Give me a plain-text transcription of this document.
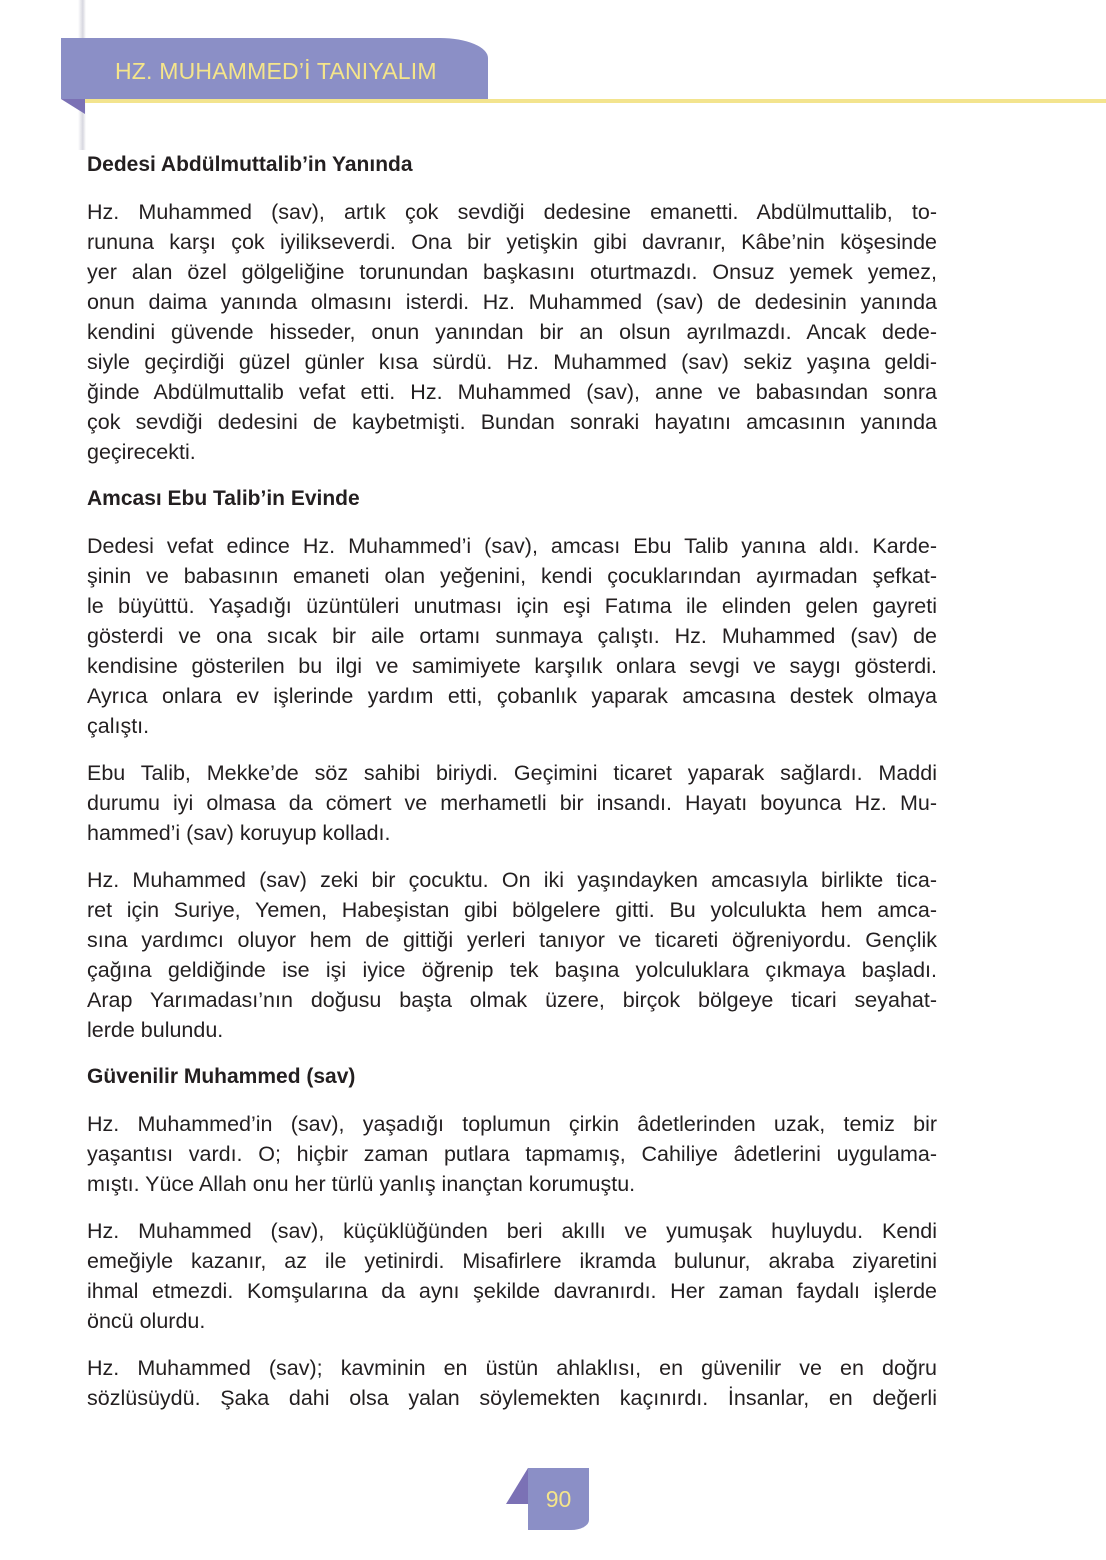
HZ. MUHAMMED’İ TANIYALIM
Dedesi Abdülmuttalib’in Yanında
Hz. Muhammed (sav), artık çok sevdiği dedesine emanetti. Abdülmuttalib, to-
rununa karşı çok iyilikseverdi. Ona bir yetişkin gibi davranır, Kâbe’nin köşesinde
yer alan özel gölgeliğine torunundan başkasını oturtmazdı. Onsuz yemek yemez,
onun daima yanında olmasını isterdi. Hz. Muhammed (sav) de dedesinin yanında
kendini güvende hisseder, onun yanından bir an olsun ayrılmazdı. Ancak dede-
siyle geçirdiği güzel günler kısa sürdü. Hz. Muhammed (sav) sekiz yaşına geldi-
ğinde Abdülmuttalib vefat etti. Hz. Muhammed (sav), anne ve babasından sonra
çok sevdiği dedesini de kaybetmişti. Bundan sonraki hayatını amcasının yanında
geçirecekti.
Amcası Ebu Talib’in Evinde
Dedesi vefat edince Hz. Muhammed’i (sav), amcası Ebu Talib yanına aldı. Karde-
şinin ve babasının emaneti olan yeğenini, kendi çocuklarından ayırmadan şefkat-
le büyüttü. Yaşadığı üzüntüleri unutması için eşi Fatıma ile elinden gelen gayreti
gösterdi ve ona sıcak bir aile ortamı sunmaya çalıştı. Hz. Muhammed (sav) de
kendisine gösterilen bu ilgi ve samimiyete karşılık onlara sevgi ve saygı gösterdi.
Ayrıca onlara ev işlerinde yardım etti, çobanlık yaparak amcasına destek olmaya
çalıştı.
Ebu Talib, Mekke’de söz sahibi biriydi. Geçimini ticaret yaparak sağlardı. Maddi
durumu iyi olmasa da cömert ve merhametli bir insandı. Hayatı boyunca Hz. Mu-
hammed’i (sav) koruyup kolladı.
Hz. Muhammed (sav) zeki bir çocuktu. On iki yaşındayken amcasıyla birlikte tica-
ret için Suriye, Yemen, Habeşistan gibi bölgelere gitti. Bu yolculukta hem amca-
sına yardımcı oluyor hem de gittiği yerleri tanıyor ve ticareti öğreniyordu. Gençlik
çağına geldiğinde ise işi iyice öğrenip tek başına yolculuklara çıkmaya başladı.
Arap Yarımadası’nın doğusu başta olmak üzere, birçok bölgeye ticari seyahat-
lerde bulundu.
Güvenilir Muhammed (sav)
Hz. Muhammed’in (sav), yaşadığı toplumun çirkin âdetlerinden uzak, temiz bir
yaşantısı vardı. O; hiçbir zaman putlara tapmamış, Cahiliye âdetlerini uygulama-
mıştı. Yüce Allah onu her türlü yanlış inançtan korumuştu.
Hz. Muhammed (sav), küçüklüğünden beri akıllı ve yumuşak huyluydu. Kendi
emeğiyle kazanır, az ile yetinirdi. Misafirlere ikramda bulunur, akraba ziyaretini
ihmal etmezdi. Komşularına da aynı şekilde davranırdı. Her zaman faydalı işlerde
öncü olurdu.
Hz. Muhammed (sav); kavminin en üstün ahlaklısı, en güvenilir ve en doğru
sözlüsüydü. Şaka dahi olsa yalan söylemekten kaçınırdı. İnsanlar, en değerli
90
